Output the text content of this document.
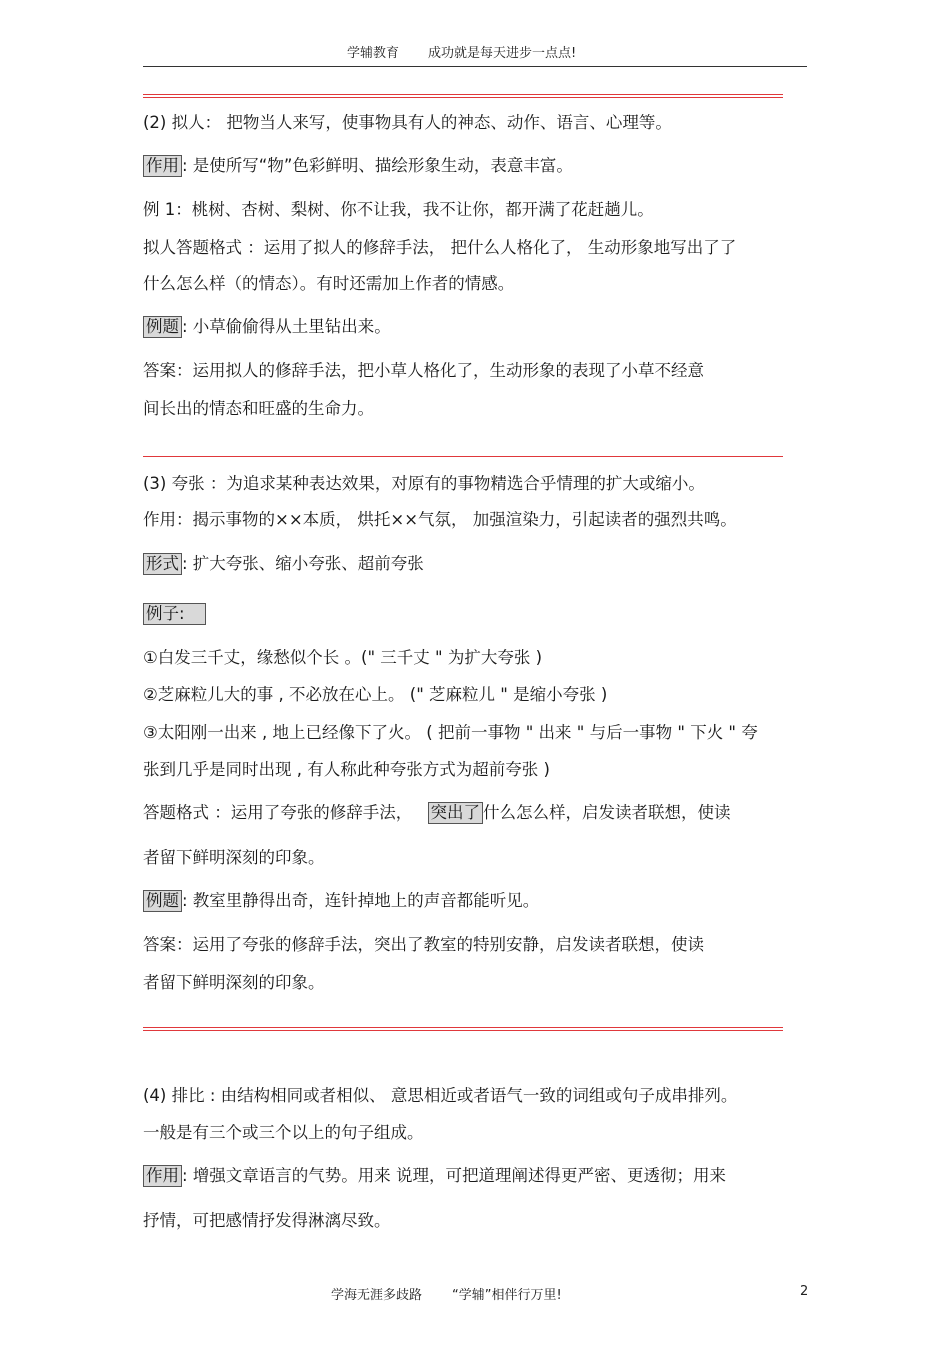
学辅教育 成功就是每天进步一点点!
(2) 拟人： 把物当人来写，使事物具有人的神态、动作、语言、心理等。
作用 : 是使所写“物”色彩鲜明、描绘形象生动，表意丰富。
例 1：桃树、杏树、梨树、你不让我，我不让你，都开满了花赶趟儿。
拟人答题格式 ：运用了拟人的修辞手法， 把什么人格化了， 生动形象地写出了了
什么怎么样（的情态）。有时还需加上作者的情感。
例题 : 小草偷偷得从土里钻出来。
答案：运用拟人的修辞手法，把小草人格化了，生动形象的表现了小草不经意
间长出的情态和旺盛的生命力。
(3) 夸张 ：为追求某种表达效果，对原有的事物精选合乎情理的扩大或缩小。
作用：揭示事物的××本质， 烘托××气氛， 加强渲染力，引起读者的强烈共鸣。
形式 : 扩大夸张、缩小夸张、超前夸张
例子:
①白发三千丈，缘愁似个长 。(" 三千丈 " 为扩大夸张 )
②芝麻粒儿大的事 , 不必放在心上。 (" 芝麻粒儿 " 是缩小夸张 )
③太阳刚一出来 , 地上已经像下了火。 ( 把前一事物 " 出来 " 与后一事物 " 下火 " 夸
张到几乎是同时出现 , 有人称此种夸张方式为超前夸张 )
答题格式 ：运用了夸张的修辞手法， 突出了 什么怎么样，启发读者联想，使读
者留下鲜明深刻的印象。
例题 : 教室里静得出奇，连针掉地上的声音都能听见。
答案：运用了夸张的修辞手法，突出了教室的特别安静，启发读者联想，使读
者留下鲜明深刻的印象。
(4) 排比 : 由结构相同或者相似、 意思相近或者语气一致的词组或句子成串排列。
一般是有三个或三个以上的句子组成。
作用 : 增强文章语言的气势。用来 说理，可把道理阐述得更严密、更透彻；用来
抒情，可把感情抒发得淋漓尽致。
学海无涯多歧路 “学辅”相伴行万里!	2
